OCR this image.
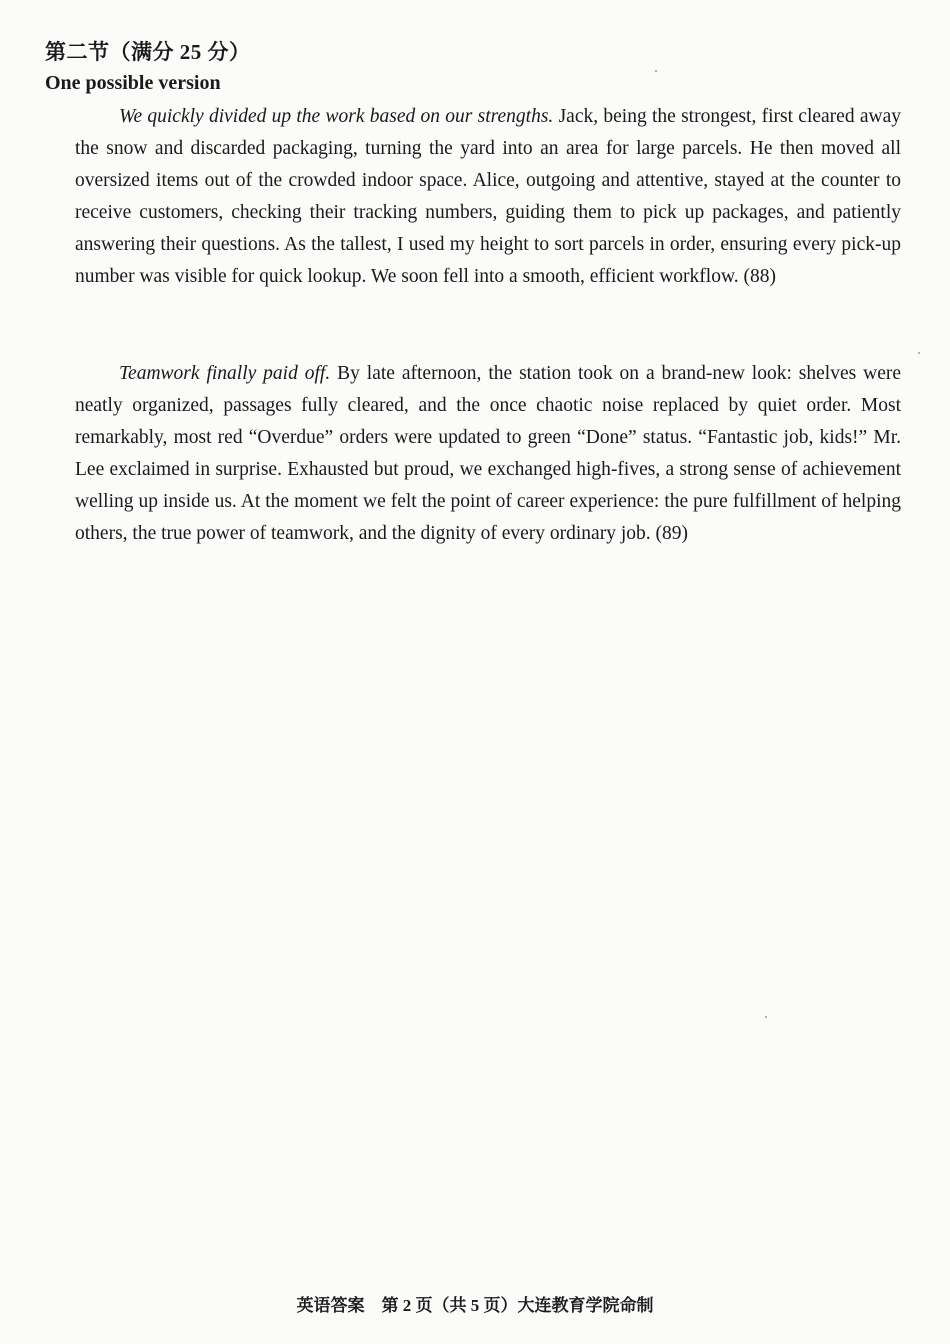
第二节（满分 25 分）
One possible version
We quickly divided up the work based on our strengths. Jack, being the strongest, first cleared away the snow and discarded packaging, turning the yard into an area for large parcels. He then moved all oversized items out of the crowded indoor space. Alice, outgoing and attentive, stayed at the counter to receive customers, checking their tracking numbers, guiding them to pick up packages, and patiently answering their questions. As the tallest, I used my height to sort parcels in order, ensuring every pick-up number was visible for quick lookup. We soon fell into a smooth, efficient workflow. (88)
Teamwork finally paid off. By late afternoon, the station took on a brand-new look: shelves were neatly organized, passages fully cleared, and the once chaotic noise replaced by quiet order. Most remarkably, most red “Overdue” orders were updated to green “Done” status. “Fantastic job, kids!” Mr. Lee exclaimed in surprise. Exhausted but proud, we exchanged high-fives, a strong sense of achievement welling up inside us. At the moment we felt the point of career experience: the pure fulfillment of helping others, the true power of teamwork, and the dignity of every ordinary job. (89)
英语答案　第 2 页（共 5 页）大连教育学院命制
